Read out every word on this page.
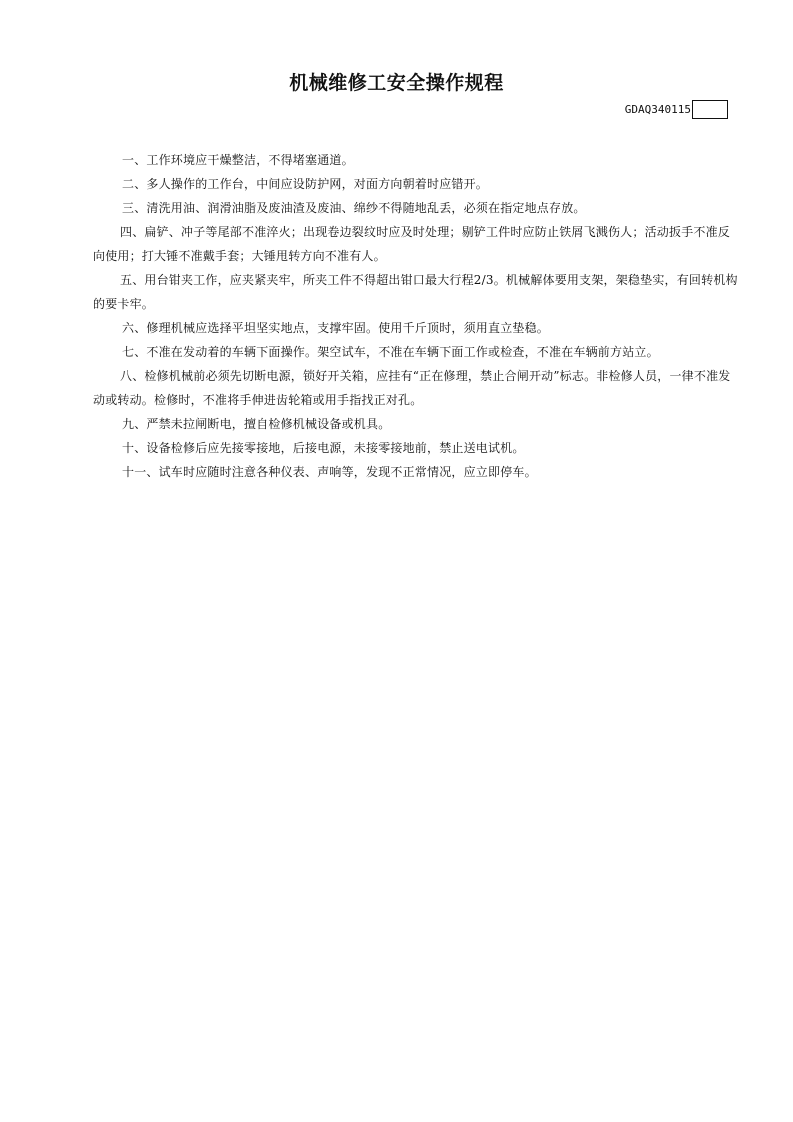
机械维修工安全操作规程
GDAQ340115
一、工作环境应干燥整洁，不得堵塞通道。
二、多人操作的工作台，中间应设防护网，对面方向朝着时应错开。
三、清洗用油、润滑油脂及废油渣及废油、绵纱不得随地乱丢，必须在指定地点存放。
四、扁铲、冲子等尾部不准淬火；出现卷边裂纹时应及时处理；剔铲工件时应防止铁屑飞溅伤人；活动扳手不准反向使用；打大锤不准戴手套；大锤甩转方向不准有人。
五、用台钳夹工作，应夹紧夹牢，所夹工件不得超出钳口最大行程2/3。机械解体要用支架，架稳垫实，有回转机构的要卡牢。
六、修理机械应选择平坦坚实地点，支撑牢固。使用千斤顶时，须用直立垫稳。
七、不准在发动着的车辆下面操作。架空试车，不准在车辆下面工作或检查，不准在车辆前方站立。
八、检修机械前必须先切断电源，锁好开关箱，应挂有“正在修理，禁止合闸开动”标志。非检修人员，一律不准发动或转动。检修时，不准将手伸进齿轮箱或用手指找正对孔。
九、严禁未拉闸断电，擅自检修机械设备或机具。
十、设备检修后应先接零接地，后接电源，未接零接地前，禁止送电试机。
十一、试车时应随时注意各种仪表、声响等，发现不正常情况，应立即停车。
